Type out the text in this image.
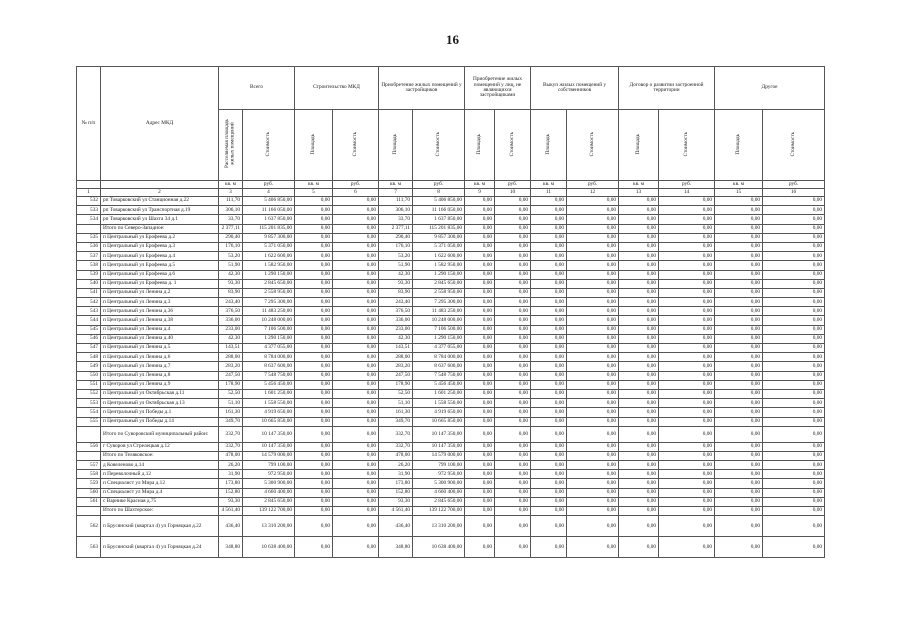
16
№ п/п	Адрес МКД	Всего		Строительство МКД		Приобретение жилых помещений у застройщиков		Приобретение жилых помещений у лиц, не являющихся застройщиками		Выкуп жилых помещений у собственников		Договор о развитии застроенной территории		Другое	
		Расселяемая площадь жилых помещений	Стоимость	Площадь	Стоимость	Площадь	Стоимость	Площадь	Стоимость	Площадь	Стоимость	Площадь	Стоимость	Площадь	Стоимость
		кв. м	руб.	кв. м	руб.	кв. м	руб.	кв. м	руб.	кв. м	руб.	кв. м	руб.	кв. м	руб.
1	2	3	4	5	6	7	8	9	10	11	12	13	14	15	16
532	рп Товарковский ул Станционная д.22	111,70	5 406 850,00	0,00	0,00	111,70	5 406 850,00	0,00	0,00	0,00	0,00	0,00	0,00	0,00	0,00
533	рп Товарковский ул Транспортная д.19	306,10	11 166 050,00	0,00	0,00	306,10	11 166 050,00	0,00	0,00	0,00	0,00	0,00	0,00	0,00	0,00
534	рп Товарковский ул Шахта 34 д.1	33,70	1 637 850,00	0,00	0,00	33,70	1 637 850,00	0,00	0,00	0,00	0,00	0,00	0,00	0,00	0,00
	Итого по Северо-Западное:	2 377,11	115 201 835,00	0,00	0,00	2 377,11	115 201 835,00	0,00	0,00	0,00	0,00	0,00	0,00	0,00	0,00
535	п Центральный ул Ерофеева д.2	290,40	9 857 300,00	0,00	0,00	290,40	9 857 300,00	0,00	0,00	0,00	0,00	0,00	0,00	0,00	0,00
536	п Центральный ул Ерофеева д.3	176,10	5 371 050,00	0,00	0,00	176,10	5 371 050,00	0,00	0,00	0,00	0,00	0,00	0,00	0,00	0,00
537	п Центральный ул Ерофеева д.4	53,20	1 622 600,00	0,00	0,00	53,20	1 622 600,00	0,00	0,00	0,00	0,00	0,00	0,00	0,00	0,00
538	п Центральный ул Ерофеева д.5	51,90	1 582 950,00	0,00	0,00	51,90	1 582 950,00	0,00	0,00	0,00	0,00	0,00	0,00	0,00	0,00
539	п Центральный ул Ерофеева д.6	42,30	1 290 150,00	0,00	0,00	42,30	1 290 150,00	0,00	0,00	0,00	0,00	0,00	0,00	0,00	0,00
540	п Центральный ул Ерофеева д. 1	93,30	2 845 650,00	0,00	0,00	93,30	2 845 650,00	0,00	0,00	0,00	0,00	0,00	0,00	0,00	0,00
541	п Центральный ул Ленина д.2	83,90	2 558 950,00	0,00	0,00	83,90	2 558 950,00	0,00	0,00	0,00	0,00	0,00	0,00	0,00	0,00
542	п Центральный ул Ленина д.3	243,40	7 295 300,00	0,00	0,00	243,40	7 295 300,00	0,00	0,00	0,00	0,00	0,00	0,00	0,00	0,00
543	п Центральный ул Ленина д.36	376,50	11 483 250,00	0,00	0,00	376,50	11 483 250,00	0,00	0,00	0,00	0,00	0,00	0,00	0,00	0,00
544	п Центральный ул Ленина д.38	336,00	10 248 000,00	0,00	0,00	336,00	10 248 000,00	0,00	0,00	0,00	0,00	0,00	0,00	0,00	0,00
545	п Центральный ул Ленина д.4	233,00	7 106 500,00	0,00	0,00	233,00	7 106 500,00	0,00	0,00	0,00	0,00	0,00	0,00	0,00	0,00
546	п Центральный ул Ленина д.40	42,30	1 290 150,00	0,00	0,00	42,30	1 290 150,00	0,00	0,00	0,00	0,00	0,00	0,00	0,00	0,00
547	п Центральный ул Ленина д.5	143,51	4 377 055,00	0,00	0,00	143,51	4 377 055,00	0,00	0,00	0,00	0,00	0,00	0,00	0,00	0,00
548	п Центральный ул Ленина д.6	288,00	8 784 000,00	0,00	0,00	288,00	8 784 000,00	0,00	0,00	0,00	0,00	0,00	0,00	0,00	0,00
549	п Центральный ул Ленина д.7	283,20	8 637 600,00	0,00	0,00	283,20	8 637 600,00	0,00	0,00	0,00	0,00	0,00	0,00	0,00	0,00
550	п Центральный ул Ленина д.8	247,50	7 548 750,00	0,00	0,00	247,50	7 548 750,00	0,00	0,00	0,00	0,00	0,00	0,00	0,00	0,00
551	п Центральный ул Ленина д.9	178,90	5 456 450,00	0,00	0,00	178,90	5 456 450,00	0,00	0,00	0,00	0,00	0,00	0,00	0,00	0,00
552	п Центральный ул Октябрьская д.11	52,50	1 601 250,00	0,00	0,00	52,50	1 601 250,00	0,00	0,00	0,00	0,00	0,00	0,00	0,00	0,00
553	п Центральный ул Октябрьская д.13	51,10	1 558 550,00	0,00	0,00	51,10	1 558 550,00	0,00	0,00	0,00	0,00	0,00	0,00	0,00	0,00
554	п Центральный ул Победы д.1	161,30	4 919 650,00	0,00	0,00	161,30	4 919 650,00	0,00	0,00	0,00	0,00	0,00	0,00	0,00	0,00
555	п Центральный ул Победы д.14	349,70	10 665 850,00	0,00	0,00	349,70	10 665 850,00	0,00	0,00	0,00	0,00	0,00	0,00	0,00	0,00
	Итого по Суворовский муниципальный район:	332,70	10 147 350,00	0,00	0,00	332,70	10 147 350,00	0,00	0,00	0,00	0,00	0,00	0,00	0,00	0,00
556	г Суворов ул Стрелецкая д.12	332,70	10 147 350,00	0,00	0,00	332,70	10 147 350,00	0,00	0,00	0,00	0,00	0,00	0,00	0,00	0,00
	Итого по Теляковское:	478,00	14 579 000,00	0,00	0,00	478,00	14 579 000,00	0,00	0,00	0,00	0,00	0,00	0,00	0,00	0,00
557	д Ковеленово д.14	26,20	799 100,00	0,00	0,00	26,20	799 100,00	0,00	0,00	0,00	0,00	0,00	0,00	0,00	0,00
558	п Переволочный д.12	31,90	972 950,00	0,00	0,00	31,90	972 950,00	0,00	0,00	0,00	0,00	0,00	0,00	0,00	0,00
559	п Специалист ул Мира д.12	173,80	5 300 900,00	0,00	0,00	173,80	5 300 900,00	0,00	0,00	0,00	0,00	0,00	0,00	0,00	0,00
560	п Специалист ул Мира д.4	152,80	4 660 400,00	0,00	0,00	152,80	4 660 400,00	0,00	0,00	0,00	0,00	0,00	0,00	0,00	0,00
561	с Варнике Красная д.75	93,30	2 845 650,00	0,00	0,00	93,30	2 845 650,00	0,00	0,00	0,00	0,00	0,00	0,00	0,00	0,00
	Итого по Шахтерское:	4 561,40	139 122 700,00	0,00	0,00	4 561,40	139 122 700,00	0,00	0,00	0,00	0,00	0,00	0,00	0,00	0,00
562	п Брусянский (квартал 4) ул Горняцкая д.22	436,40	13 310 200,00	0,00	0,00	436,40	13 310 200,00	0,00	0,00	0,00	0,00	0,00	0,00	0,00	0,00
563	п Брусянский (квартал 4) ул Горняцкая д.24	348,80	10 638 400,00	0,00	0,00	348,80	10 638 400,00	0,00	0,00	0,00	0,00	0,00	0,00	0,00	0,00
